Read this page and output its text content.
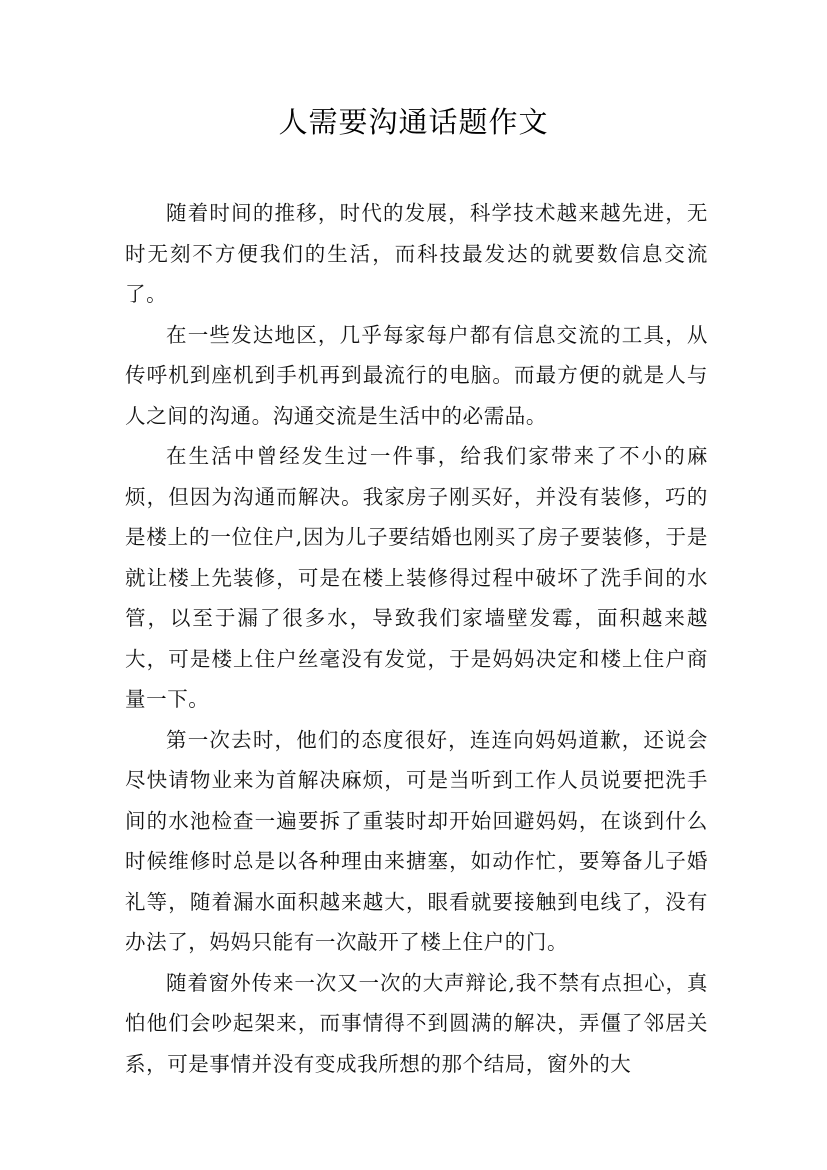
人需要沟通话题作文

随着时间的推移，时代的发展，科学技术越来越先进，无时无刻不方便我们的生活，而科技最发达的就要数信息交流了。

在一些发达地区，几乎每家每户都有信息交流的工具，从传呼机到座机到手机再到最流行的电脑。而最方便的就是人与人之间的沟通。沟通交流是生活中的必需品。

在生活中曾经发生过一件事，给我们家带来了不小的麻烦，但因为沟通而解决。我家房子刚买好，并没有装修，巧的是楼上的一位住户,因为儿子要结婚也刚买了房子要装修，于是就让楼上先装修，可是在楼上装修得过程中破坏了洗手间的水管，以至于漏了很多水，导致我们家墙壁发霉，面积越来越大，可是楼上住户丝毫没有发觉，于是妈妈决定和楼上住户商量一下。

第一次去时，他们的态度很好，连连向妈妈道歉，还说会尽快请物业来为首解决麻烦，可是当听到工作人员说要把洗手间的水池检查一遍要拆了重装时却开始回避妈妈，在谈到什么时候维修时总是以各种理由来搪塞，如动作忙，要筹备儿子婚礼等，随着漏水面积越来越大，眼看就要接触到电线了，没有办法了，妈妈只能有一次敲开了楼上住户的门。

随着窗外传来一次又一次的大声辩论,我不禁有点担心，真怕他们会吵起架来，而事情得不到圆满的解决，弄僵了邻居关系，可是事情并没有变成我所想的那个结局，窗外的大
